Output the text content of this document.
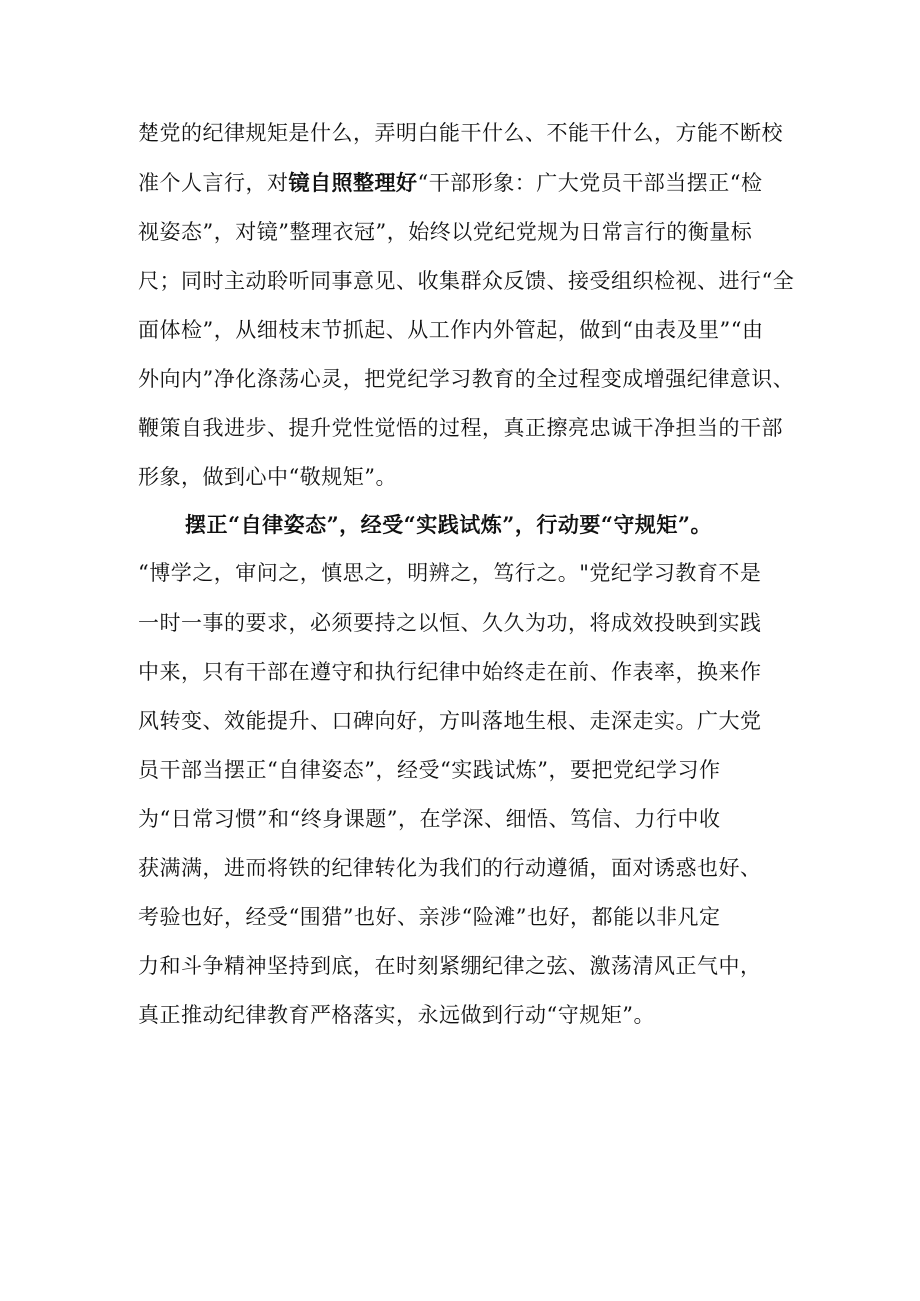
楚党的纪律规矩是什么，弄明白能干什么、不能干什么，方能不断校
准个人言行，对镜自照整理好“干部形象：广大党员干部当摆正“检
视姿态”，对镜”整理衣冠”，始终以党纪党规为日常言行的衡量标
尺；同时主动聆听同事意见、收集群众反馈、接受组织检视、进行“全
面体检”，从细枝末节抓起、从工作内外管起，做到“由表及里”“由
外向内”净化涤荡心灵，把党纪学习教育的全过程变成增强纪律意识、
鞭策自我进步、提升党性觉悟的过程，真正擦亮忠诚干净担当的干部
形象，做到心中“敬规矩”。
摆正“自律姿态”，经受“实践试炼”，行动要“守规矩”。
“博学之，审问之，慎思之，明辨之，笃行之。"党纪学习教育不是
一时一事的要求，必须要持之以恒、久久为功，将成效投映到实践
中来，只有干部在遵守和执行纪律中始终走在前、作表率，换来作
风转变、效能提升、口碑向好，方叫落地生根、走深走实。广大党
员干部当摆正“自律姿态”，经受“实践试炼”，要把党纪学习作
为“日常习惯”和“终身课题”，在学深、细悟、笃信、力行中收
获满满，进而将铁的纪律转化为我们的行动遵循，面对诱惑也好、
考验也好，经受“围猎”也好、亲涉“险滩”也好，都能以非凡定
力和斗争精神坚持到底，在时刻紧绷纪律之弦、激荡清风正气中，
真正推动纪律教育严格落实，永远做到行动“守规矩”。
